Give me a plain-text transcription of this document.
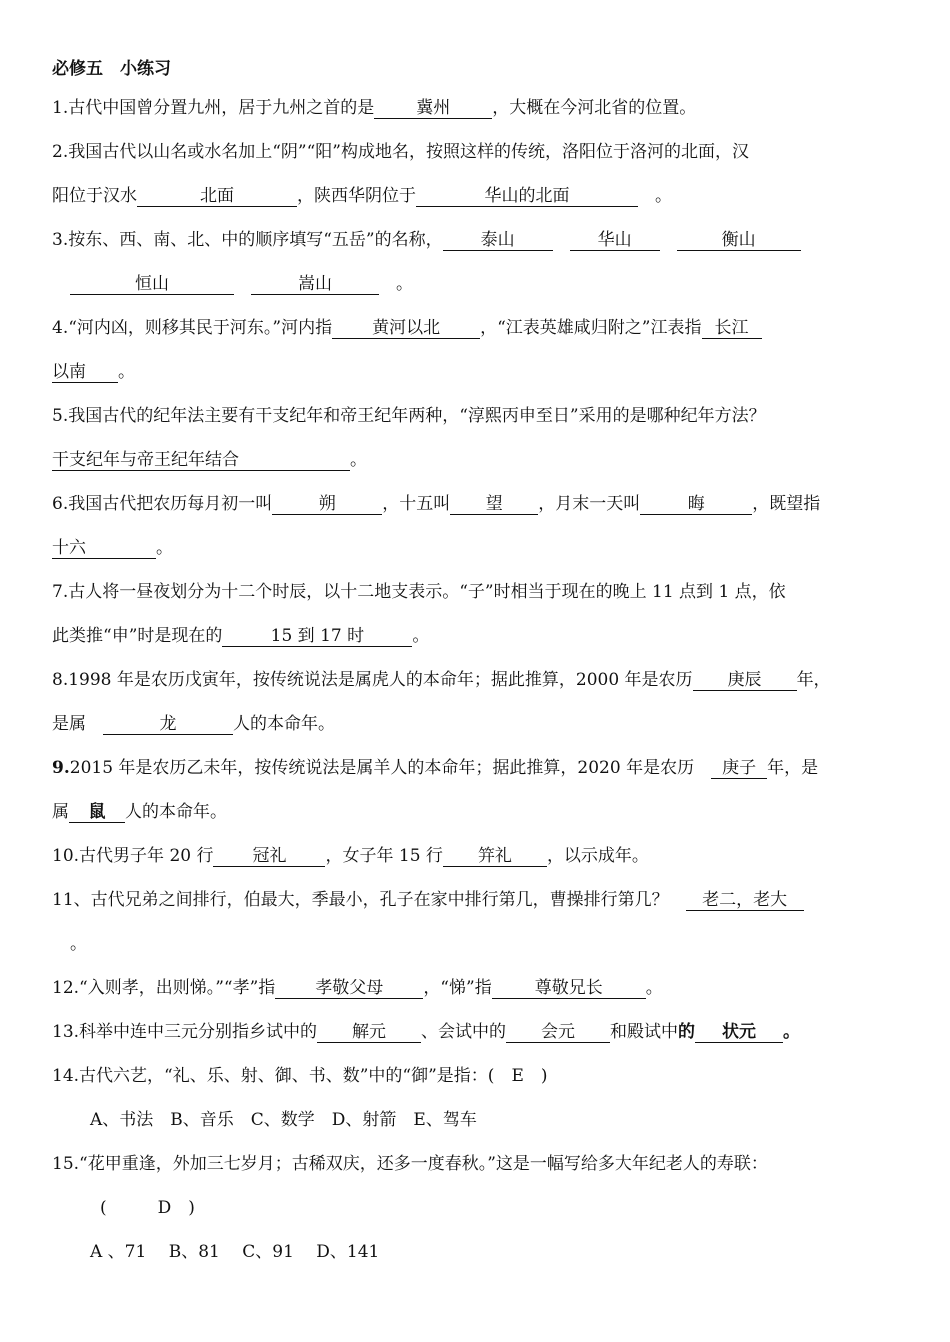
必修五　小练习
1.古代中国曾分置九州，居于九州之首的是 冀州 ，大概在今河北省的位置。
2.我国古代以山名或水名加上“阴”“阳”构成地名，按照这样的传统，洛阳位于洛河的北面，汉
阳位于汉水	北面	，陕西华阴位于	华山的北面　	。
3.按东、西、南、北、中的顺序填写“五岳”的名称， 泰山　	华山　	衡山
恒山　	嵩山　	。
4.“河内凶，则移其民于河东。”河内指 黄河以北 ，“江表英雄咸归附之”江表指 长江
以南 。
5.我国古代的纪年法主要有干支纪年和帝王纪年两种，“淳熙丙申至日”采用的是哪种纪年方法？
干支纪年与帝王纪年结合	。
6.我国古代把农历每月初一叫	朔	，十五叫 望 ，月末一天叫	晦	，既望指
十六	。
7.古人将一昼夜划分为十二个时辰，以十二地支表示。“子”时相当于现在的晚上 11 点到 1 点，依
此类推“申”时是现在的	15 到 17 时	。
8.1998 年是农历戊寅年，按传统说法是属虎人的本命年；据此推算，2000 年是农历 庚辰 年，
是属　	龙	人的本命年。
9.2015 年是农历乙未年，按传统说法是属羊人的本命年；据此推算，2020 年是农历　 庚子 年，是
属 鼠 人的本命年。
10.古代男子年 20 行 冠礼 ，女子年 15 行 笄礼 ，以示成年。
11、古代兄弟之间排行，伯最大，季最小，孔子在家中排行第几，曹操排行第几？　 老二，老大
。
12.“入则孝，出则悌。”“孝”指 孝敬父母 ，“悌”指	尊敬兄长	。
13.科举中连中三元分别指乡试中的 解元 、会试中的 会元 和殿试中的 状元 。
14.古代六艺，“礼、乐、射、御、书、数”中的“御”是指：(　 E　 )
A、书法　B、音乐　C、数学　D、射箭　E、驾车
15.“花甲重逢，外加三七岁月；古稀双庆，还多一度春秋。”这是一幅写给多大年纪老人的寿联：
(　　　	D　 )
A 、71　 B、81　 C、91　 D、141
